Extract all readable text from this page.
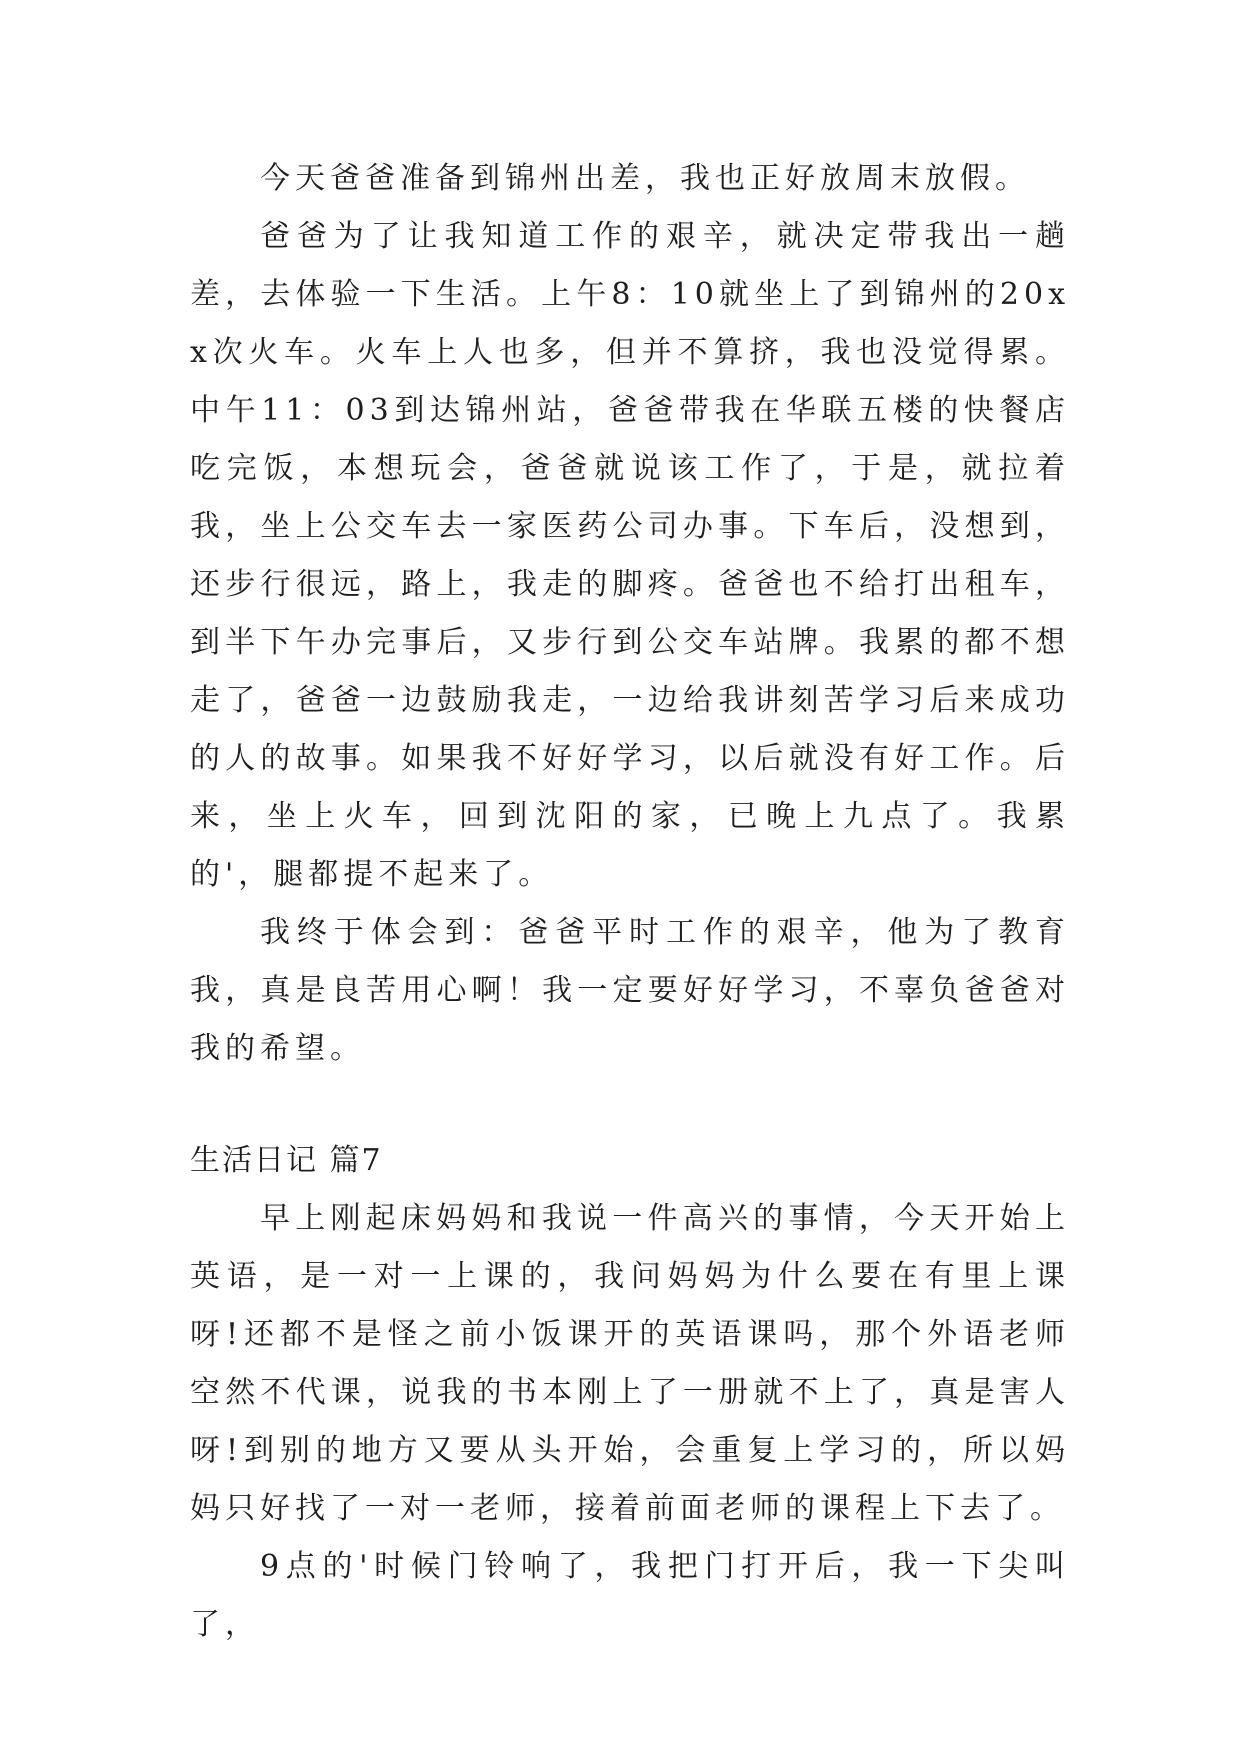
今天爸爸准备到锦州出差，我也正好放周末放假。

爸爸为了让我知道工作的艰辛，就决定带我出一趟差，去体验一下生活。上午8：10就坐上了到锦州的20xx次火车。火车上人也多，但并不算挤，我也没觉得累。中午11：03到达锦州站，爸爸带我在华联五楼的快餐店吃完饭，本想玩会，爸爸就说该工作了，于是，就拉着我，坐上公交车去一家医药公司办事。下车后，没想到，还步行很远，路上，我走的脚疼。爸爸也不给打出租车，到半下午办完事后，又步行到公交车站牌。我累的都不想走了，爸爸一边鼓励我走，一边给我讲刻苦学习后来成功的人的故事。如果我不好好学习，以后就没有好工作。后来，坐上火车，回到沈阳的家，已晚上九点了。我累的'，腿都提不起来了。

我终于体会到：爸爸平时工作的艰辛，他为了教育我，真是良苦用心啊！我一定要好好学习，不辜负爸爸对我的希望。

生活日记 篇7

早上刚起床妈妈和我说一件高兴的事情，今天开始上英语，是一对一上课的，我问妈妈为什么要在有里上课呀!还都不是怪之前小饭课开的英语课吗，那个外语老师空然不代课，说我的书本刚上了一册就不上了，真是害人呀!到别的地方又要从头开始，会重复上学习的，所以妈妈只好找了一对一老师，接着前面老师的课程上下去了。

9点的'时候门铃响了，我把门打开后，我一下尖叫了，
